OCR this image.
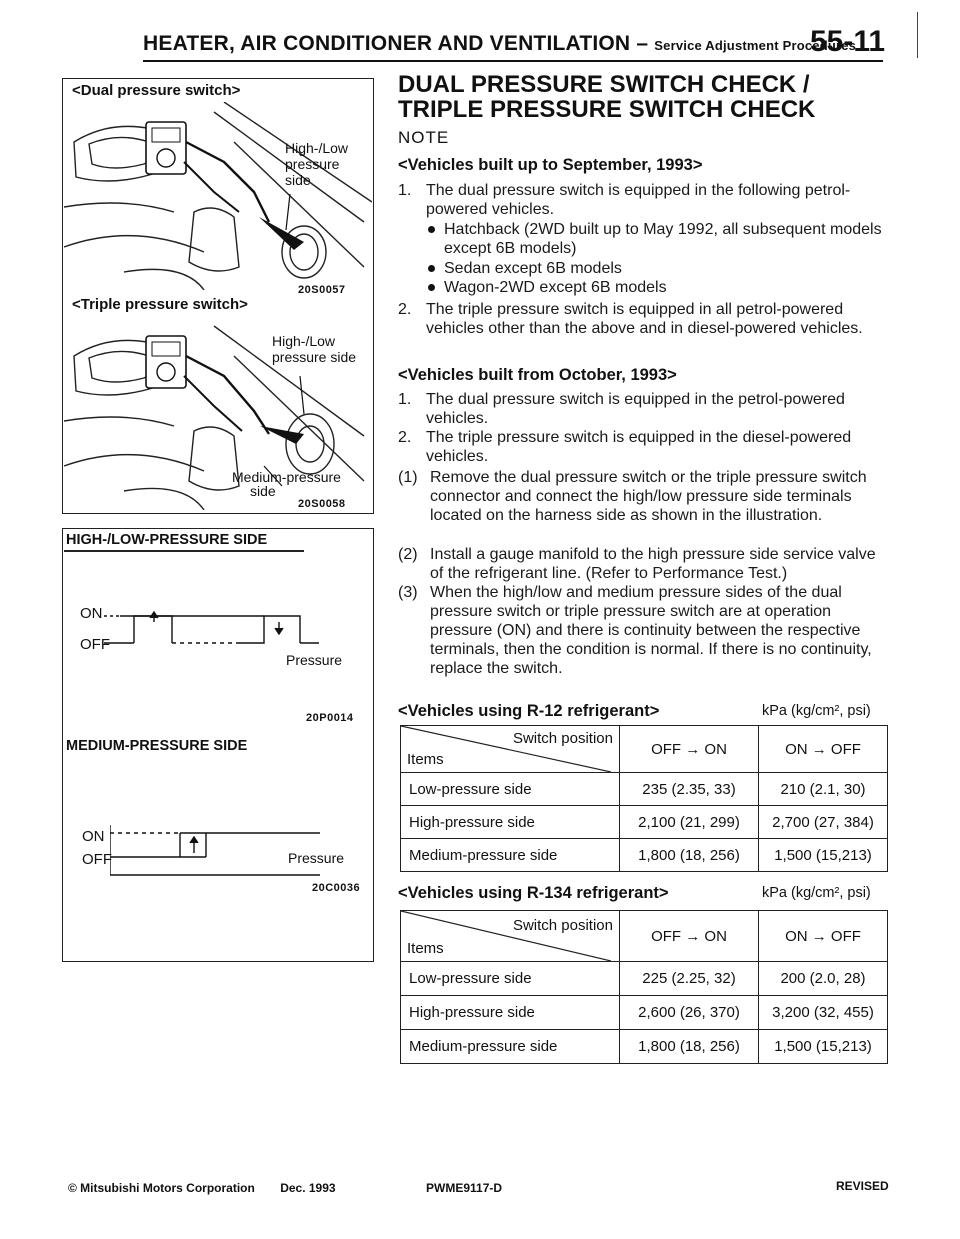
HEATER, AIR CONDITIONER AND VENTILATION – Service Adjustment Procedures
55-11
<Dual pressure switch>
High-/Low
pressure
side
20S0057
<Triple pressure switch>
High-/Low
pressure side
Medium-pressure
side
20S0058
HIGH-/LOW-PRESSURE SIDE
ON
OFF
Pressure
20P0014
MEDIUM-PRESSURE SIDE
ON
OFF	Pressure
20C0036
DUAL PRESSURE SWITCH CHECK / TRIPLE PRESSURE SWITCH CHECK
NOTE
<Vehicles built up to September, 1993>
1. The dual pressure switch is equipped in the following petrol-powered vehicles.
Hatchback (2WD built up to May 1992, all subsequent models except 6B models)
Sedan except 6B models
Wagon-2WD except 6B models
2. The triple pressure switch is equipped in all petrol-powered vehicles other than the above and in diesel-powered vehicles.
<Vehicles built from October, 1993>
1. The dual pressure switch is equipped in the petrol-powered vehicles.
2. The triple pressure switch is equipped in the diesel-powered vehicles.
(1) Remove the dual pressure switch or the triple pressure switch connector and connect the high/low pressure side terminals located on the harness side as shown in the illustration.
(2) Install a gauge manifold to the high pressure side service valve of the refrigerant line. (Refer to Performance Test.)
(3) When the high/low and medium pressure sides of the dual pressure switch or triple pressure switch are at operation pressure (ON) and there is continuity between the respective terminals, then the condition is normal. If there is no continuity, replace the switch.
<Vehicles using R-12 refrigerant>	kPa (kg/cm², psi)
Switch position
Items	OFF → ON	ON → OFF
Low-pressure side	235 (2.35, 33)	210 (2.1, 30)
High-pressure side	2,100 (21, 299)	2,700 (27, 384)
Medium-pressure side	1,800 (18, 256)	1,500 (15,213)
<Vehicles using R-134 refrigerant>	kPa (kg/cm², psi)
Switch position
Items	OFF → ON	ON → OFF
Low-pressure side	225 (2.25, 32)	200 (2.0, 28)
High-pressure side	2,600 (26, 370)	3,200 (32, 455)
Medium-pressure side	1,800 (18, 256)	1,500 (15,213)
© Mitsubishi Motors Corporation Dec. 1993	PWME9117-D	REVISED
